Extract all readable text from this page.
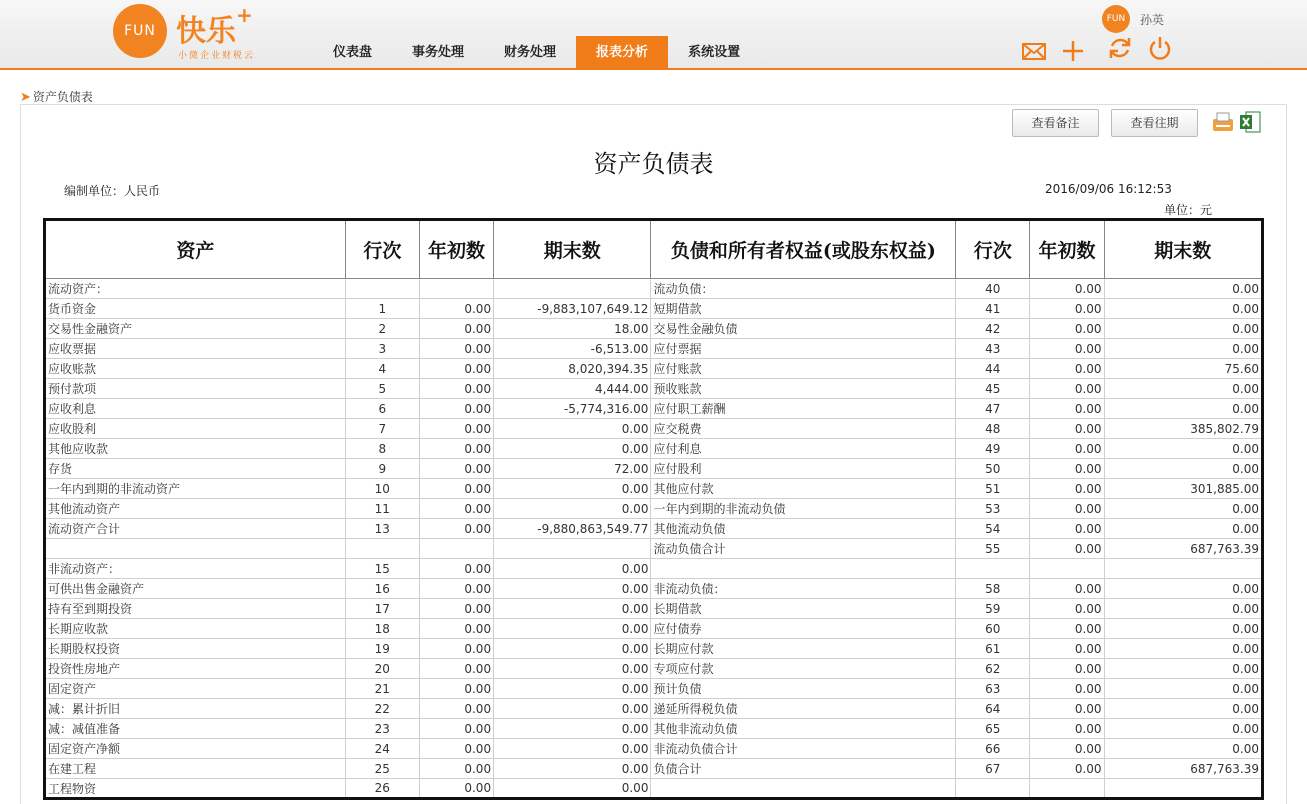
FUN 快乐+
小微企业财税云	仪表盘	事务处理	财务处理	报表分析	系统设置
FUN	孙英
➤ 资产负债表
查看备注	查看往期
资产负债表
编制单位：人民币	2016/09/06 16:12:53
单位：元
资产	行次	年初数	期末数	负债和所有者权益(或股东权益)	行次	年初数	期末数
流动资产：				流动负债：	40	0.00	0.00
货币资金	1	0.00	-9,883,107,649.12	短期借款	41	0.00	0.00
交易性金融资产	2	0.00	18.00	交易性金融负债	42	0.00	0.00
应收票据	3	0.00	-6,513.00	应付票据	43	0.00	0.00
应收账款	4	0.00	8,020,394.35	应付账款	44	0.00	75.60
预付款项	5	0.00	4,444.00	预收账款	45	0.00	0.00
应收利息	6	0.00	-5,774,316.00	应付职工薪酬	47	0.00	0.00
应收股利	7	0.00	0.00	应交税费	48	0.00	385,802.79
其他应收款	8	0.00	0.00	应付利息	49	0.00	0.00
存货	9	0.00	72.00	应付股利	50	0.00	0.00
一年内到期的非流动资产	10	0.00	0.00	其他应付款	51	0.00	301,885.00
其他流动资产	11	0.00	0.00	一年内到期的非流动负债	53	0.00	0.00
流动资产合计	13	0.00	-9,880,863,549.77	其他流动负债	54	0.00	0.00
				流动负债合计	55	0.00	687,763.39
非流动资产：	15	0.00	0.00				
可供出售金融资产	16	0.00	0.00	非流动负债：	58	0.00	0.00
持有至到期投资	17	0.00	0.00	长期借款	59	0.00	0.00
长期应收款	18	0.00	0.00	应付债券	60	0.00	0.00
长期股权投资	19	0.00	0.00	长期应付款	61	0.00	0.00
投资性房地产	20	0.00	0.00	专项应付款	62	0.00	0.00
固定资产	21	0.00	0.00	预计负债	63	0.00	0.00
减：累计折旧	22	0.00	0.00	递延所得税负债	64	0.00	0.00
减：减值准备	23	0.00	0.00	其他非流动负债	65	0.00	0.00
固定资产净额	24	0.00	0.00	非流动负债合计	66	0.00	0.00
在建工程	25	0.00	0.00	负债合计	67	0.00	687,763.39
工程物资	26	0.00	0.00				
